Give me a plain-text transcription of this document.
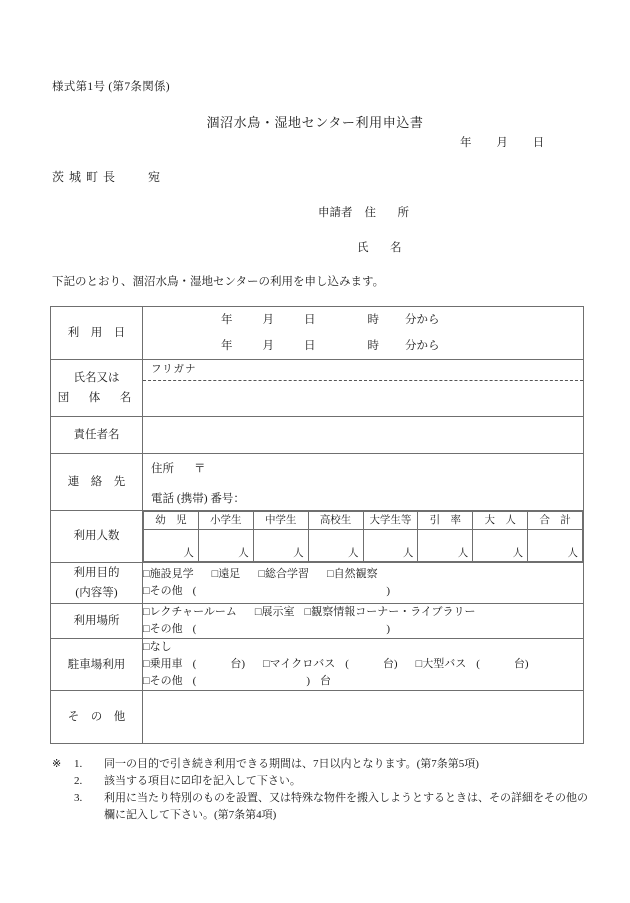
様式第1号 (第7条関係)
涸沼水鳥・湿地センター利用申込書
年 月 日
茨城町長 宛
申請者 住　所
氏　名
下記のとおり、涸沼水鳥・湿地センターの利用を申し込みます。
利　用　日	
年	月	日	時 分から
年	月	日	時 分から

氏名又は
団　体　名

フリガナ

責任者名	
連　絡　先	
住所 〒
電話 (携帯) 番号：

利用人数	
幼　児	小学生	中学生	高校生	大学生等	引　率	大　人	合　計
人	人	人	人	人	人	人	人

利用目的
(内容等)

□施設見学 □遠足 □総合学習 □自然観察
□その他 (	)

利用場所	
□レクチャールーム □展示室 □観察情報コーナー・ライブラリー
□その他 (	)

駐車場利用	
□なし
□乗用車 (	台) □マイクロバス (	台) □大型バス (	台)
□その他 (	) 台

そ　の　他	
※	1.	同一の目的で引き続き利用できる期間は、7日以内となります。(第7条第5項)
2.	該当する項目に☑印を記入して下さい。
3.	利用に当たり特別のものを設置、又は特殊な物件を搬入しようとするときは、その詳細をその他の
欄に記入して下さい。(第7条第4項)
